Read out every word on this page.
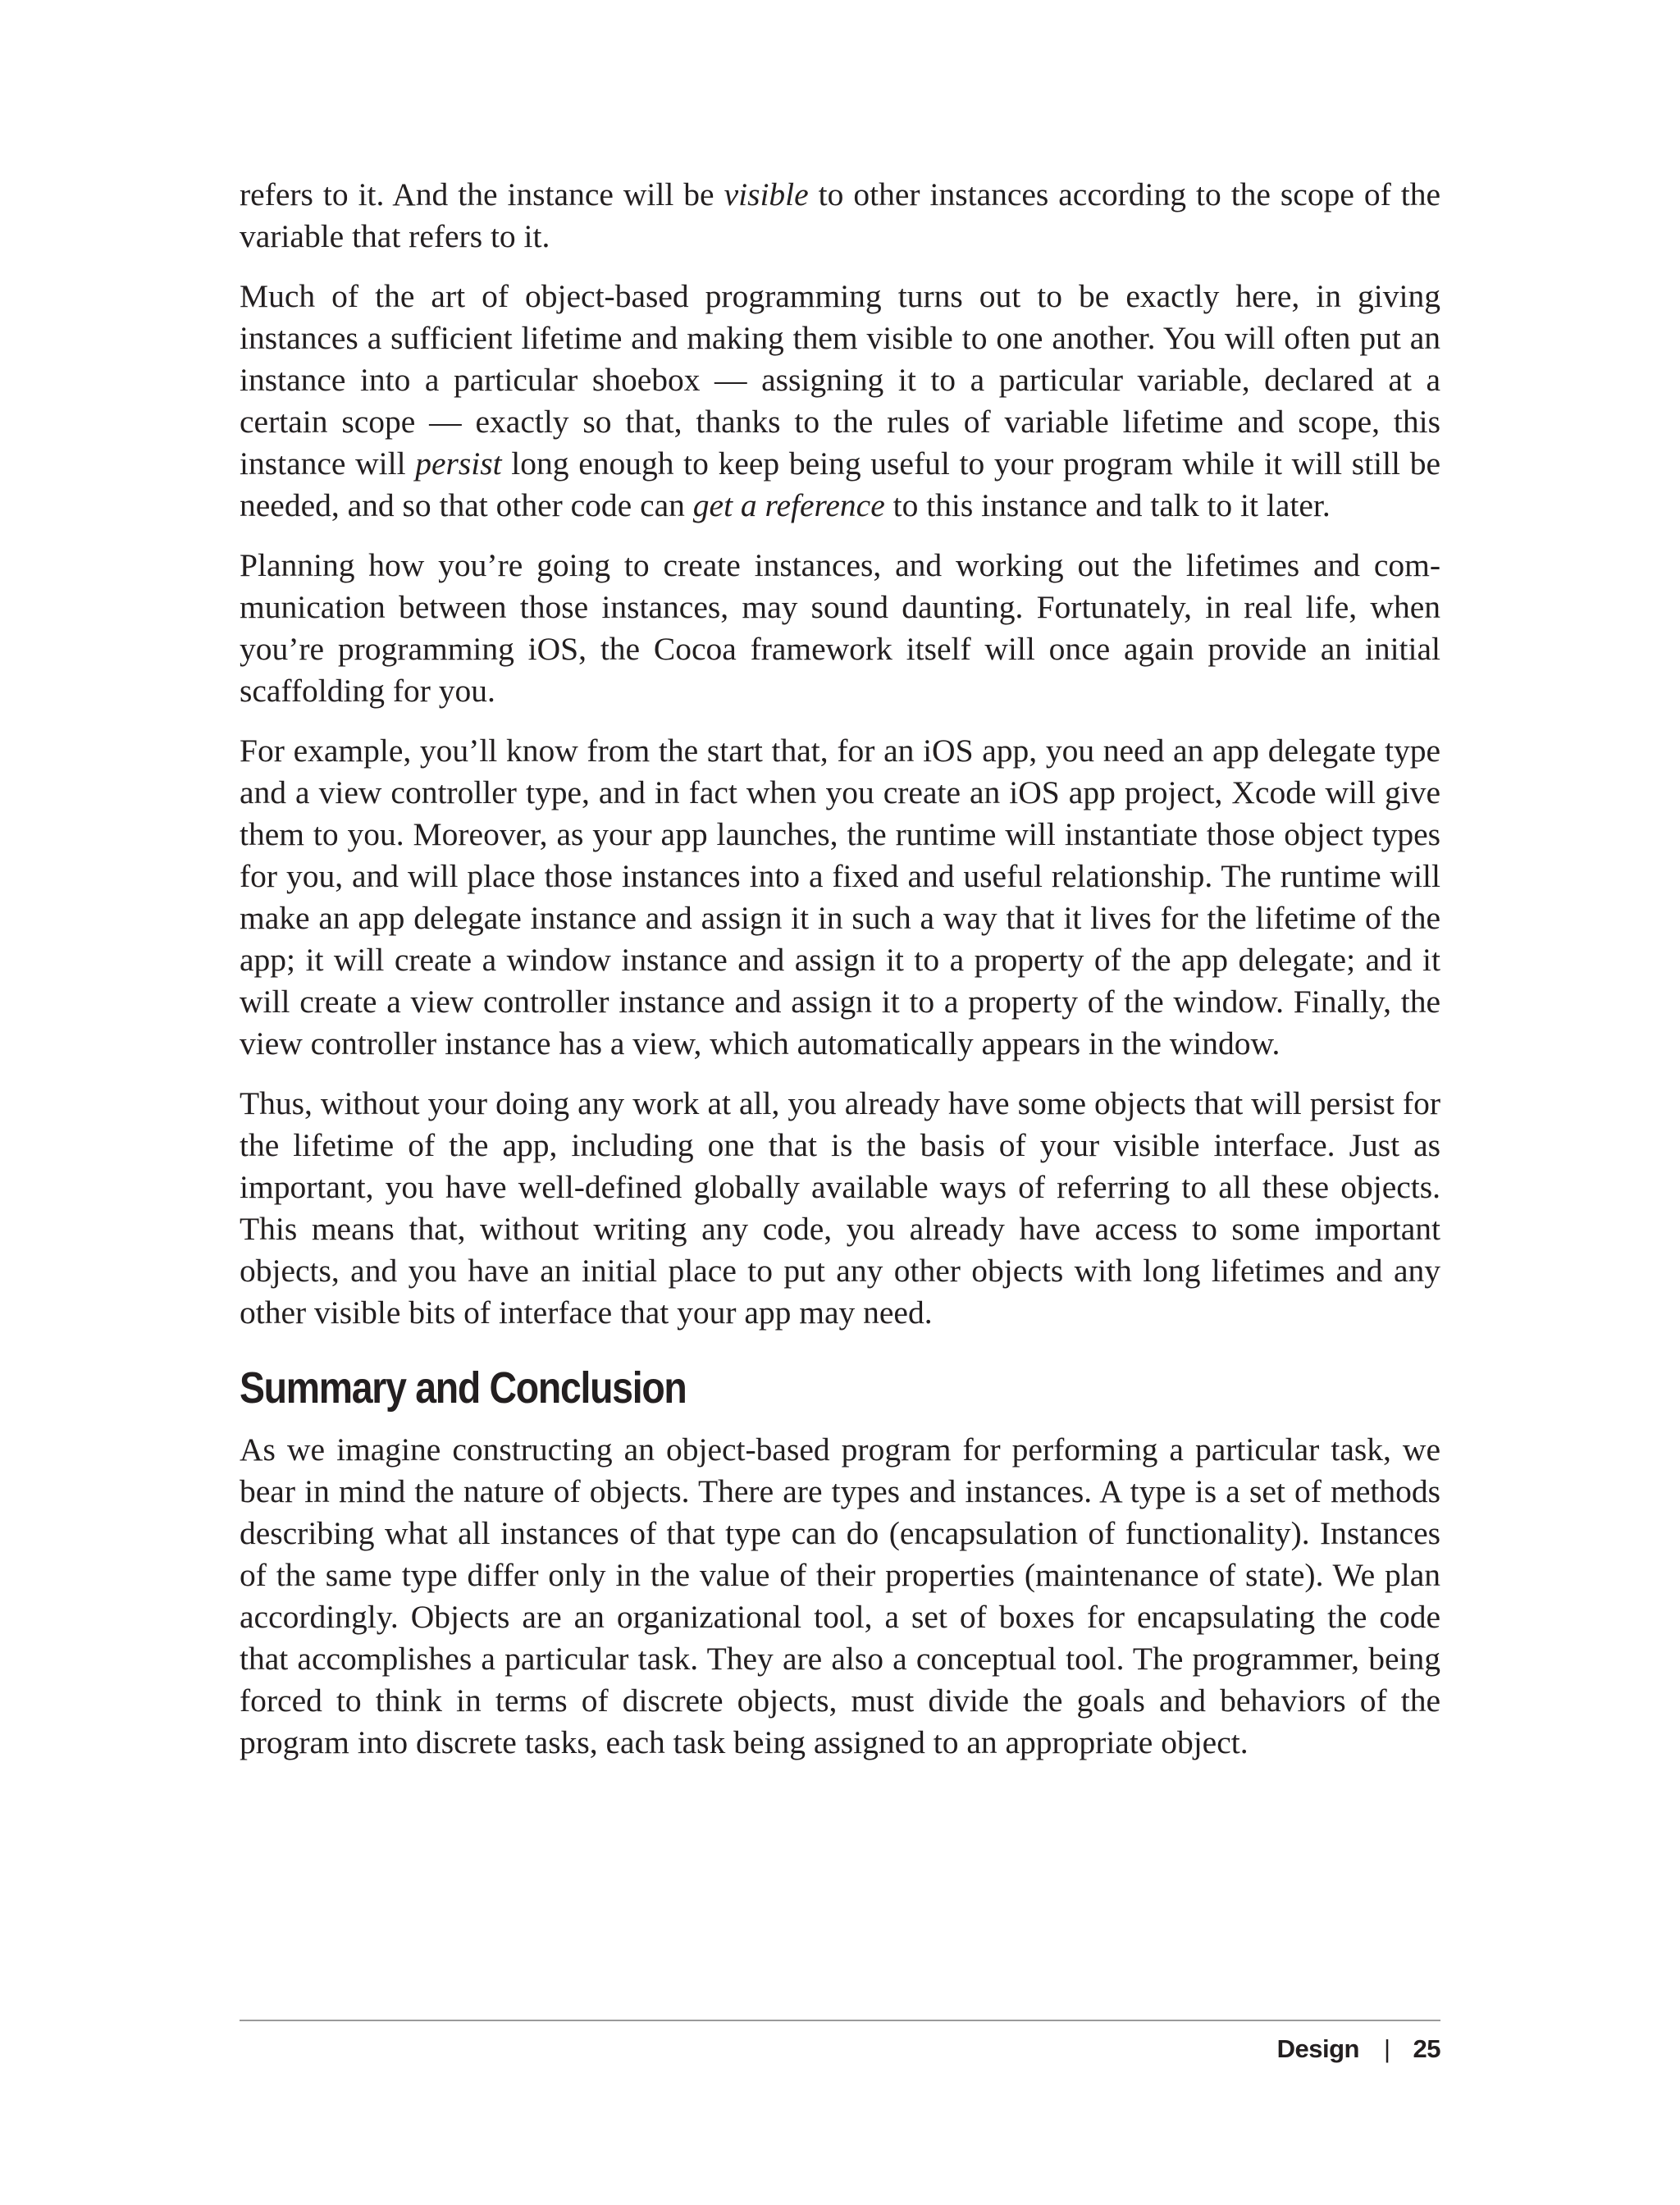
refers to it. And the instance will be visible to other instances according to the scope of the variable that refers to it.

Much of the art of object-based programming turns out to be exactly here, in giving instances a sufficient lifetime and making them visible to one another. You will often put an instance into a particular shoebox — assigning it to a particular variable, declared at a certain scope — exactly so that, thanks to the rules of variable lifetime and scope, this instance will persist long enough to keep being useful to your program while it will still be needed, and so that other code can get a reference to this instance and talk to it later.

Planning how you’re going to create instances, and working out the lifetimes and communication between those instances, may sound daunting. Fortunately, in real life, when you’re programming iOS, the Cocoa framework itself will once again provide an initial scaffolding for you.

For example, you’ll know from the start that, for an iOS app, you need an app delegate type and a view controller type, and in fact when you create an iOS app project, Xcode will give them to you. Moreover, as your app launches, the runtime will instantiate those object types for you, and will place those instances into a fixed and useful relationship. The runtime will make an app delegate instance and assign it in such a way that it lives for the lifetime of the app; it will create a window instance and assign it to a property of the app delegate; and it will create a view controller instance and assign it to a property of the window. Finally, the view controller instance has a view, which automatically appears in the window.

Thus, without your doing any work at all, you already have some objects that will persist for the lifetime of the app, including one that is the basis of your visible interface. Just as important, you have well-defined globally available ways of referring to all these objects. This means that, without writing any code, you already have access to some important objects, and you have an initial place to put any other objects with long lifetimes and any other visible bits of interface that your app may need.

Summary and Conclusion

As we imagine constructing an object-based program for performing a particular task, we bear in mind the nature of objects. There are types and instances. A type is a set of methods describing what all instances of that type can do (encapsulation of functionality). Instances of the same type differ only in the value of their properties (maintenance of state). We plan accordingly. Objects are an organizational tool, a set of boxes for encapsulating the code that accomplishes a particular task. They are also a conceptual tool. The programmer, being forced to think in terms of discrete objects, must divide the goals and behaviors of the program into discrete tasks, each task being assigned to an appropriate object.

Design | 25
